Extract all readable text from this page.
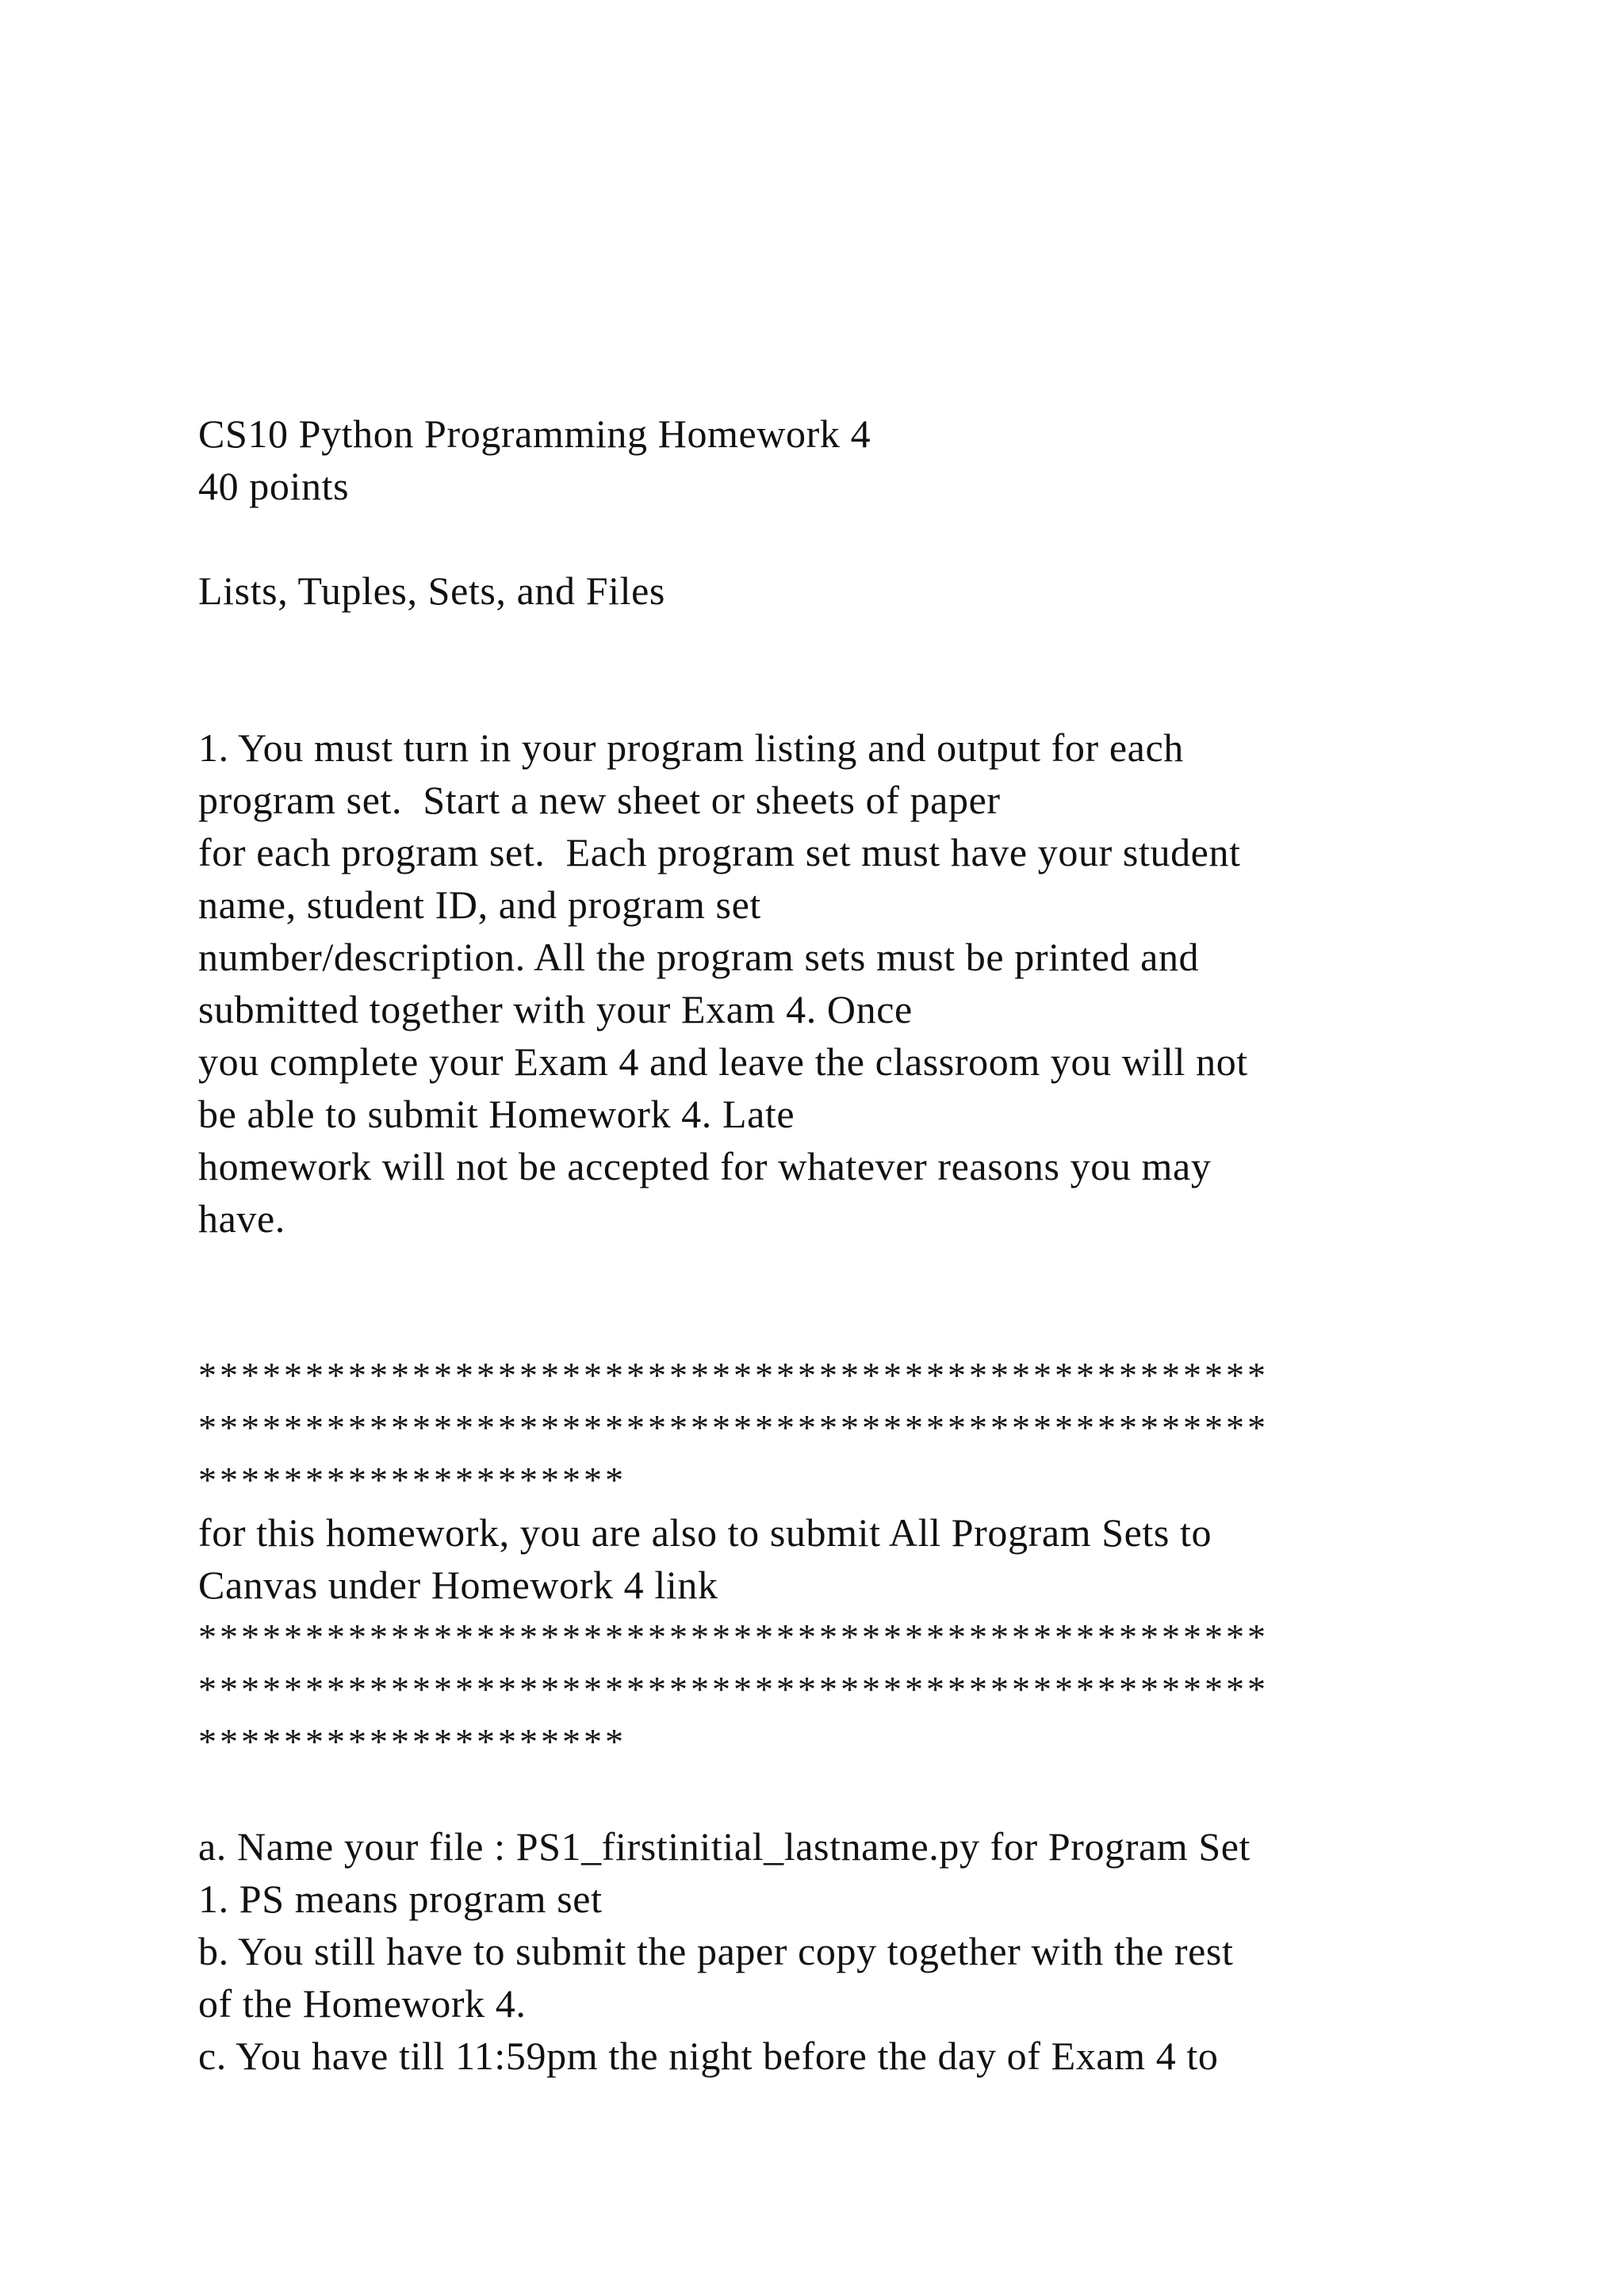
CS10 Python Programming Homework 4

40 points

Lists, Tuples, Sets, and Files

1. You must turn in your program listing and output for each

program set.  Start a new sheet or sheets of paper

for each program set.  Each program set must have your student

name, student ID, and program set

number/description. All the program sets must be printed and

submitted together with your Exam 4. Once

you complete your Exam 4 and leave the classroom you will not

be able to submit Homework 4. Late

homework will not be accepted for whatever reasons you may

have.

**************************************************

**************************************************

********************

for this homework, you are also to submit All Program Sets to

Canvas under Homework 4 link

**************************************************

**************************************************

********************

a. Name your file : PS1_firstinitial_lastname.py for Program Set

1. PS means program set

b. You still have to submit the paper copy together with the rest

of the Homework 4.

c. You have till 11:59pm the night before the day of Exam 4 to
